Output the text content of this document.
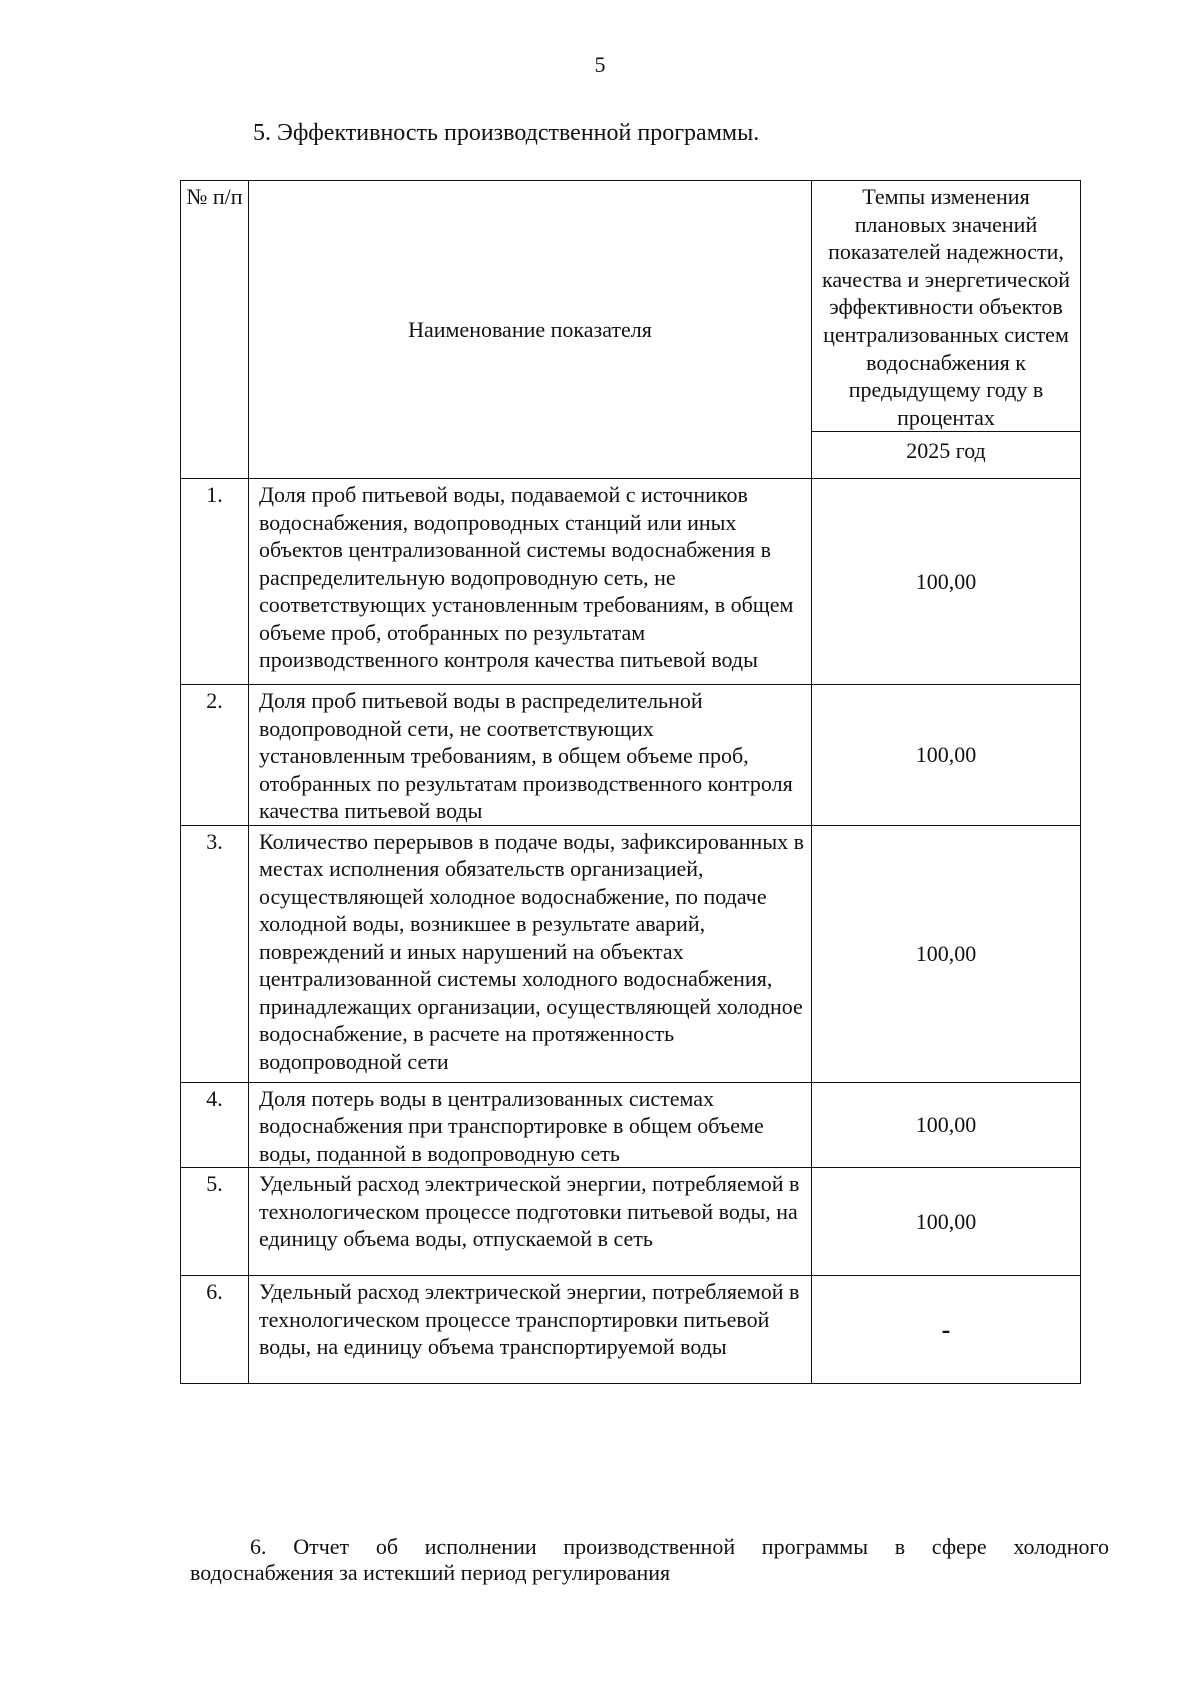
5
5. Эффективность производственной программы.
№ п/п	Наименование показателя	Темпы изменения плановых значений показателей надежности, качества и энергетической эффективности объектов централизованных систем водоснабжения к предыдущему году в процентах
		2025 год
1.	Доля проб питьевой воды, подаваемой с источников водоснабжения, водопроводных станций или иных объектов централизованной системы водоснабжения в распределительную водопроводную сеть, не соответствующих установленным требованиям, в общем объеме проб, отобранных по результатам производственного контроля качества питьевой воды	100,00
2.	Доля проб питьевой воды в распределительной водопроводной сети, не соответствующих установленным требованиям, в общем объеме проб, отобранных по результатам производственного контроля качества питьевой воды	100,00
3.	Количество перерывов в подаче воды, зафиксированных в местах исполнения обязательств организацией, осуществляющей холодное водоснабжение, по подаче холодной воды, возникшее в результате аварий, повреждений и иных нарушений на объектах централизованной системы холодного водоснабжения, принадлежащих организации, осуществляющей холодное водоснабжение, в расчете на протяженность водопроводной сети	100,00
4.	Доля потерь воды в централизованных системах водоснабжения при транспортировке в общем объеме воды, поданной в водопроводную сеть	100,00
5.	Удельный расход электрической энергии, потребляемой в технологическом процессе подготовки питьевой воды, на единицу объема воды, отпускаемой в сеть	100,00
6.	Удельный расход электрической энергии, потребляемой в технологическом процессе транспортировки питьевой воды, на единицу объема транспортируемой воды	-
6. Отчет об исполнении производственной программы в сфере холодного
водоснабжения за истекший период регулирования
